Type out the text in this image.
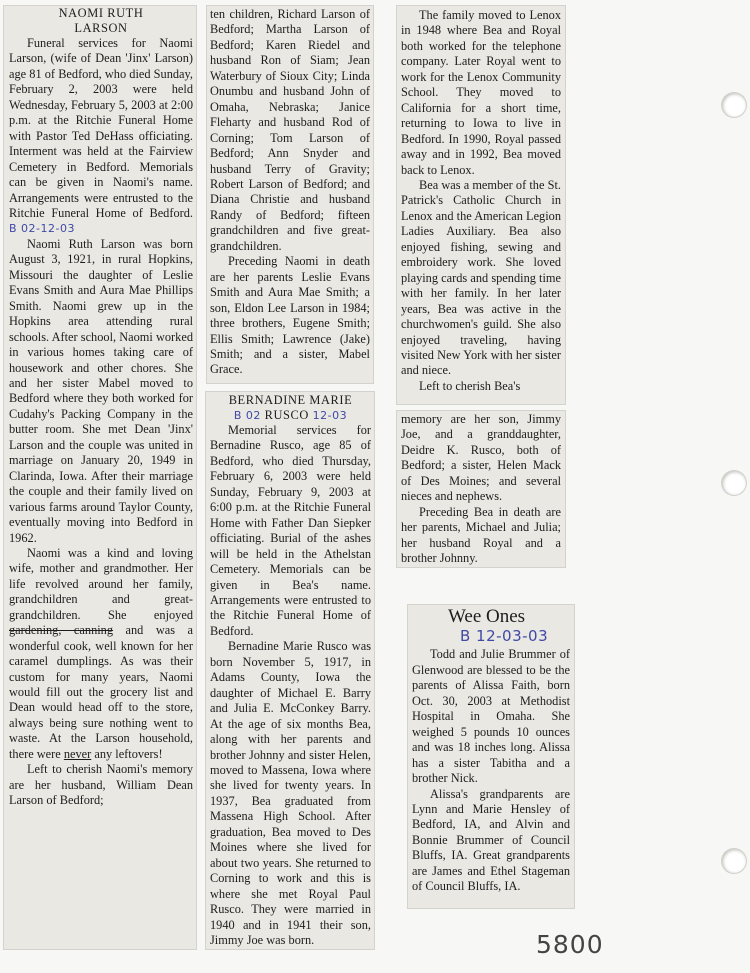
NAOMI RUTH
LARSON

Funeral services for Naomi Larson, (wife of Dean 'Jinx' Larson) age 81 of Bedford, who died Sunday, February 2, 2003 were held Wednesday, February 5, 2003 at 2:00 p.m. at the Ritchie Funeral Home with Pastor Ted DeHass officiating. Interment was held at the Fairview Cemetery in Bedford. Memorials can be given in Naomi's name. Arrangements were entrusted to the Ritchie Funeral Home of Bedford. B 02-12-03

Naomi Ruth Larson was born August 3, 1921, in rural Hopkins, Missouri the daughter of Leslie Evans Smith and Aura Mae Phillips Smith. Naomi grew up in the Hopkins area attending rural schools. After school, Naomi worked in various homes taking care of housework and other chores. She and her sister Mabel moved to Bedford where they both worked for Cudahy's Packing Company in the butter room. She met Dean 'Jinx' Larson and the couple was united in marriage on January 20, 1949 in Clarinda, Iowa. After their marriage the couple and their family lived on various farms around Taylor County, eventually moving into Bedford in 1962.

Naomi was a kind and loving wife, mother and grandmother. Her life revolved around her family, grandchildren and great-grandchildren. She enjoyed gardening, canning and was a wonderful cook, well known for her caramel dumplings. As was their custom for many years, Naomi would fill out the grocery list and Dean would head off to the store, always being sure nothing went to waste. At the Larson household, there were never any leftovers!

Left to cherish Naomi's memory are her husband, William Dean Larson of Bedford;

ten children, Richard Larson of Bedford; Martha Larson of Bedford; Karen Riedel and husband Ron of Siam; Jean Waterbury of Sioux City; Linda Onumbu and husband John of Omaha, Nebraska; Janice Fleharty and husband Rod of Corning; Tom Larson of Bedford; Ann Snyder and husband Terry of Gravity; Robert Larson of Bedford; and Diana Christie and husband Randy of Bedford; fifteen grandchildren and five great-grandchildren.

Preceding Naomi in death are her parents Leslie Evans Smith and Aura Mae Smith; a son, Eldon Lee Larson in 1984; three brothers, Eugene Smith; Ellis Smith; Lawrence (Jake) Smith; and a sister, Mabel Grace.

BERNADINE MARIE
B 02 RUSCO 12-03

Memorial services for Bernadine Rusco, age 85 of Bedford, who died Thursday, February 6, 2003 were held Sunday, February 9, 2003 at 6:00 p.m. at the Ritchie Funeral Home with Father Dan Siepker officiating. Burial of the ashes will be held in the Athelstan Cemetery. Memorials can be given in Bea's name. Arrangements were entrusted to the Ritchie Funeral Home of Bedford.

Bernadine Marie Rusco was born November 5, 1917, in Adams County, Iowa the daughter of Michael E. Barry and Julia E. McConkey Barry. At the age of six months Bea, along with her parents and brother Johnny and sister Helen, moved to Massena, Iowa where she lived for twenty years. In 1937, Bea graduated from Massena High School. After graduation, Bea moved to Des Moines where she lived for about two years. She returned to Corning to work and this is where she met Royal Paul Rusco. They were married in 1940 and in 1941 their son, Jimmy Joe was born.

The family moved to Lenox in 1948 where Bea and Royal both worked for the telephone company. Later Royal went to work for the Lenox Community School. They moved to California for a short time, returning to Iowa to live in Bedford. In 1990, Royal passed away and in 1992, Bea moved back to Lenox.

Bea was a member of the St. Patrick's Catholic Church in Lenox and the American Legion Ladies Auxiliary. Bea also enjoyed fishing, sewing and embroidery work. She loved playing cards and spending time with her family. In her later years, Bea was active in the churchwomen's guild. She also enjoyed traveling, having visited New York with her sister and niece.

Left to cherish Bea's

memory are her son, Jimmy Joe, and a granddaughter, Deidre K. Rusco, both of Bedford; a sister, Helen Mack of Des Moines; and several nieces and nephews.

Preceding Bea in death are her parents, Michael and Julia; her husband Royal and a brother Johnny.

Wee Ones
B 12-03-03

Todd and Julie Brummer of Glenwood are blessed to be the parents of Alissa Faith, born Oct. 30, 2003 at Methodist Hospital in Omaha. She weighed 5 pounds 10 ounces and was 18 inches long. Alissa has a sister Tabitha and a brother Nick.

Alissa's grandparents are Lynn and Marie Hensley of Bedford, IA, and Alvin and Bonnie Brummer of Council Bluffs, IA. Great grandparents are James and Ethel Stageman of Council Bluffs, IA.

5800
